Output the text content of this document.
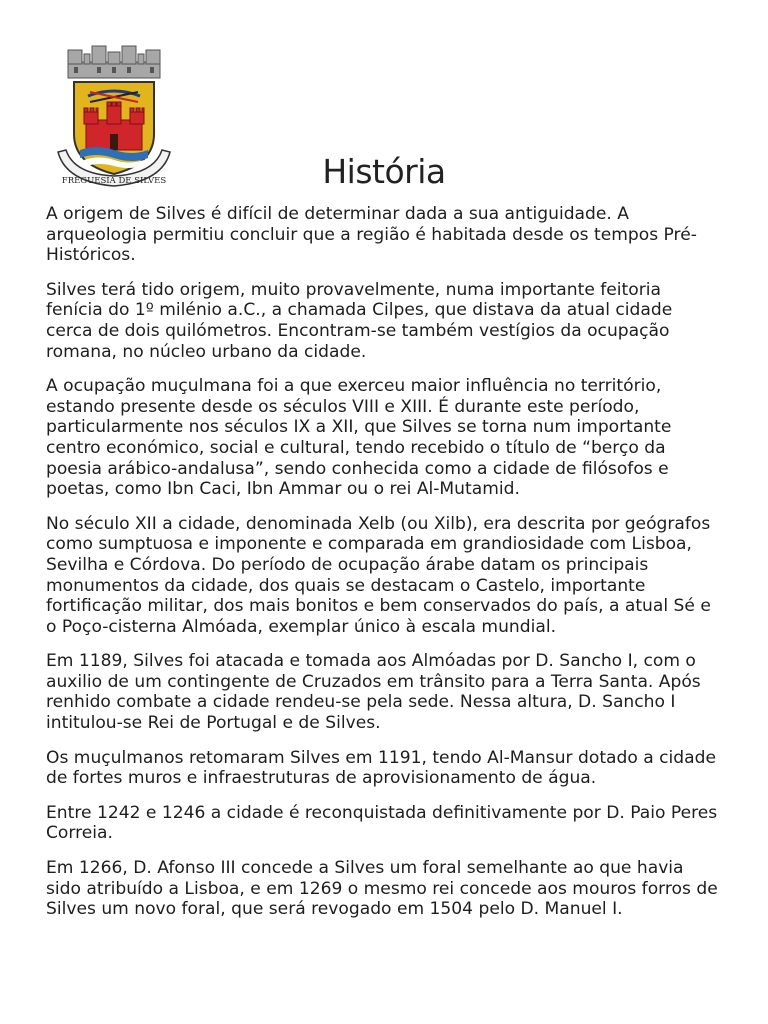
FREGUESIA DE SILVES	História

A origem de Silves é difícil de determinar dada a sua antiguidade. A arqueologia permitiu concluir que a região é habitada desde os tempos Pré-Históricos.

Silves terá tido origem, muito provavelmente, numa importante feitoria fenícia do 1º milénio a.C., a chamada Cilpes, que distava da atual cidade cerca de dois quilómetros. Encontram-se também vestígios da ocupação romana, no núcleo urbano da cidade.

A ocupação muçulmana foi a que exerceu maior influência no território, estando presente desde os séculos VIII e XIII. É durante este período, particularmente nos séculos IX a XII, que Silves se torna num importante centro económico, social e cultural, tendo recebido o título de “berço da poesia arábico-andalusa”, sendo conhecida como a cidade de filósofos e poetas, como Ibn Caci, Ibn Ammar ou o rei Al-Mutamid.

No século XII a cidade, denominada Xelb (ou Xilb), era descrita por geógrafos como sumptuosa e imponente e comparada em grandiosidade com Lisboa, Sevilha e Córdova. Do período de ocupação árabe datam os principais monumentos da cidade, dos quais se destacam o Castelo, importante fortificação militar, dos mais bonitos e bem conservados do país, a atual Sé e o Poço-cisterna Almóada, exemplar único à escala mundial.

Em 1189, Silves foi atacada e tomada aos Almóadas por D. Sancho I, com o auxilio de um contingente de Cruzados em trânsito para a Terra Santa. Após renhido combate a cidade rendeu-se pela sede. Nessa altura, D. Sancho I intitulou-se Rei de Portugal e de Silves.

Os muçulmanos retomaram Silves em 1191, tendo Al-Mansur dotado a cidade de fortes muros e infraestruturas de aprovisionamento de água.

Entre 1242 e 1246 a cidade é reconquistada definitivamente por D. Paio Peres Correia.

Em 1266, D. Afonso III concede a Silves um foral semelhante ao que havia sido atribuído a Lisboa, e em 1269 o mesmo rei concede aos mouros forros de Silves um novo foral, que será revogado em 1504 pelo D. Manuel I.
